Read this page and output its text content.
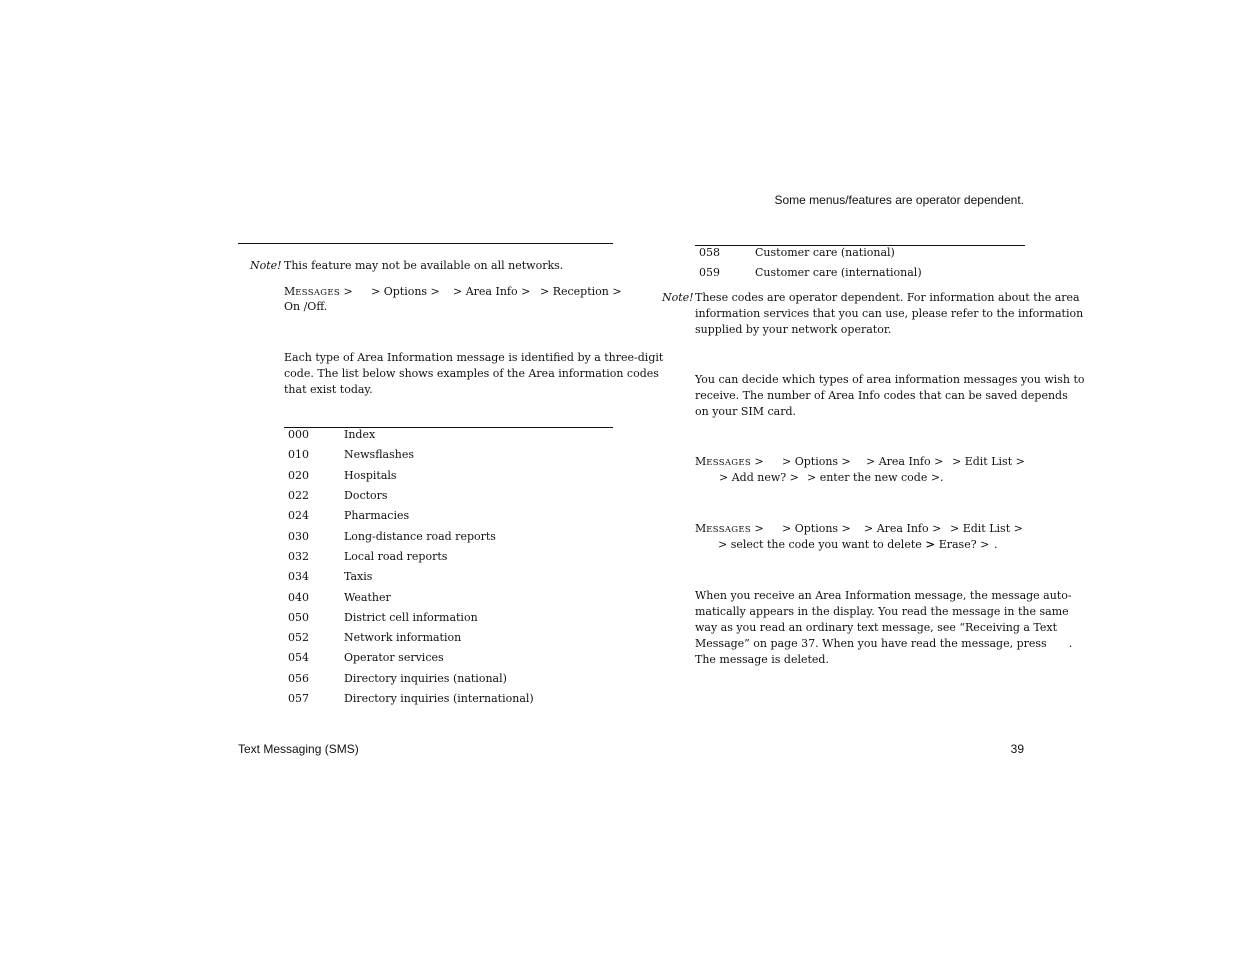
Some menus/features are operator dependent.
Note! This feature may not be available on all networks.
MESSAGES >	> Options > > Area Info > > Reception >
On /Off.
Each type of Area Information message is identified by a three-digit
code. The list below shows examples of the Area information codes
that exist today.
000	Index
010	Newsflashes
020	Hospitals
022	Doctors
024	Pharmacies
030	Long-distance road reports
032	Local road reports
034	Taxis
040	Weather
050	District cell information
052	Network information
054	Operator services
056	Directory inquiries (national)
057	Directory inquiries (international)
058	Customer care (national)
059	Customer care (international)
Note! These codes are operator dependent. For information about the area
information services that you can use, please refer to the information
supplied by your network operator.
You can decide which types of area information messages you wish to
receive. The number of Area Info codes that can be saved depends
on your SIM card.
MESSAGES > > Options > > Area Info > > Edit List >
> Add new? > > enter the new code > .
MESSAGES > > Options > > Area Info > > Edit List >
> select the code you want to delete >
> Erase? > .
When you receive an Area Information message, the message auto-
matically appears in the display. You read the message in the same
way as you read an ordinary text message, see “Receiving a Text
Message” on page 37. When you have read the message, press .
The message is deleted.
Text Messaging (SMS)	39
